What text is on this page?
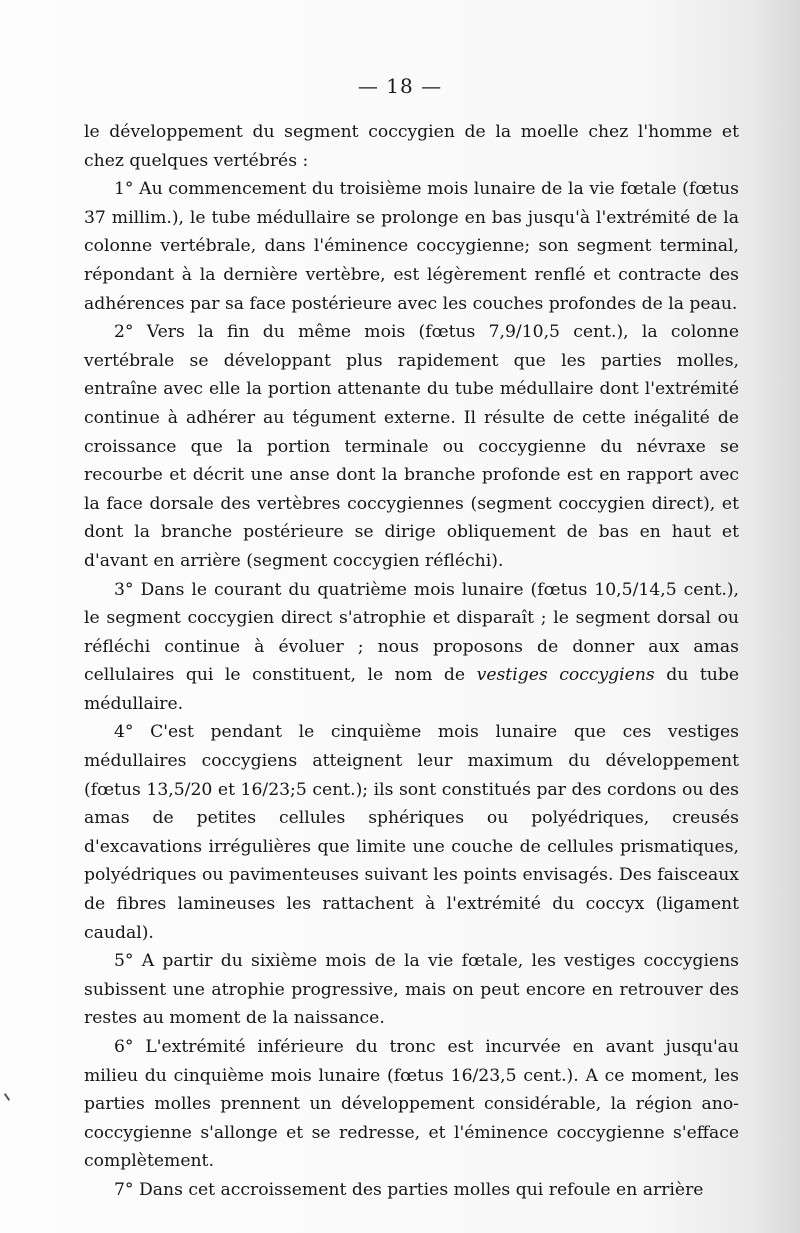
— 18 —

le développement du segment coccygien de la moelle chez l'homme et chez quelques vertébrés :

1° Au commencement du troisième mois lunaire de la vie fœtale (fœtus 37 millim.), le tube médullaire se prolonge en bas jusqu'à l'extrémité de la colonne vertébrale, dans l'éminence coccygienne; son segment terminal, répondant à la dernière vertèbre, est légèrement renflé et contracte des adhérences par sa face postérieure avec les couches profondes de la peau.

2° Vers la fin du même mois (fœtus 7,9/10,5 cent.), la colonne vertébrale se développant plus rapidement que les parties molles, entraîne avec elle la portion attenante du tube médullaire dont l'extrémité continue à adhérer au tégument externe. Il résulte de cette inégalité de croissance que la portion terminale ou coccygienne du névraxe se recourbe et décrit une anse dont la branche profonde est en rapport avec la face dorsale des vertèbres coccygiennes (segment coccygien direct), et dont la branche postérieure se dirige obliquement de bas en haut et d'avant en arrière (segment coccygien réfléchi).

3° Dans le courant du quatrième mois lunaire (fœtus 10,5/14,5 cent.), le segment coccygien direct s'atrophie et disparaît ; le segment dorsal ou réfléchi continue à évoluer ; nous proposons de donner aux amas cellulaires qui le constituent, le nom de vestiges coccygiens du tube médullaire.

4° C'est pendant le cinquième mois lunaire que ces vestiges médullaires coccygiens atteignent leur maximum du développement (fœtus 13,5/20 et 16/23;5 cent.); ils sont constitués par des cordons ou des amas de petites cellules sphériques ou polyédriques, creusés d'excavations irrégulières que limite une couche de cellules prismatiques, polyédriques ou pavimenteuses suivant les points envisagés. Des faisceaux de fibres lamineuses les rattachent à l'extrémité du coccyx (ligament caudal).

5° A partir du sixième mois de la vie fœtale, les vestiges coccygiens subissent une atrophie progressive, mais on peut encore en retrouver des restes au moment de la naissance.

6° L'extrémité inférieure du tronc est incurvée en avant jusqu'au milieu du cinquième mois lunaire (fœtus 16/23,5 cent.). A ce moment, les parties molles prennent un développement considérable, la région ano-coccygienne s'allonge et se redresse, et l'éminence coccygienne s'efface complètement.

7° Dans cet accroissement des parties molles qui refoule en arrière
